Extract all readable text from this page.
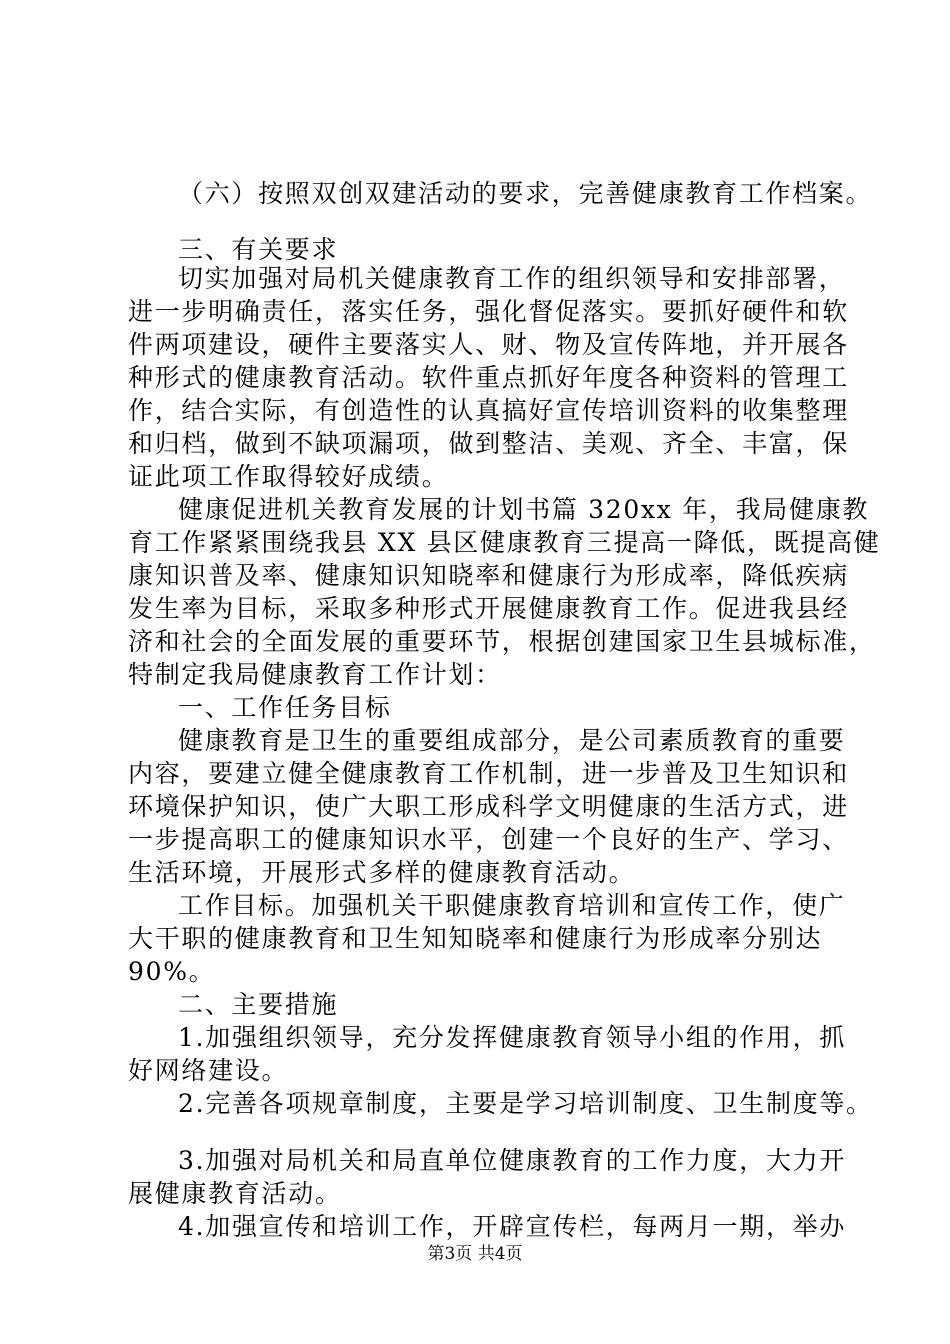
（六）按照双创双建活动的要求，完善健康教育工作档案。
三、有关要求
切实加强对局机关健康教育工作的组织领导和安排部署，
进一步明确责任，落实任务，强化督促落实。要抓好硬件和软
件两项建设，硬件主要落实人、财、物及宣传阵地，并开展各
种形式的健康教育活动。软件重点抓好年度各种资料的管理工
作，结合实际，有创造性的认真搞好宣传培训资料的收集整理
和归档，做到不缺项漏项，做到整洁、美观、齐全、丰富，保
证此项工作取得较好成绩。
健康促进机关教育发展的计划书篇 320xx 年，我局健康教
育工作紧紧围绕我县 XX 县区健康教育三提高一降低，既提高健
康知识普及率、健康知识知晓率和健康行为形成率，降低疾病
发生率为目标，采取多种形式开展健康教育工作。促进我县经
济和社会的全面发展的重要环节，根据创建国家卫生县城标准，
特制定我局健康教育工作计划：
一、工作任务目标
健康教育是卫生的重要组成部分，是公司素质教育的重要
内容，要建立健全健康教育工作机制，进一步普及卫生知识和
环境保护知识，使广大职工形成科学文明健康的生活方式，进
一步提高职工的健康知识水平，创建一个良好的生产、学习、
生活环境，开展形式多样的健康教育活动。
工作目标。加强机关干职健康教育培训和宣传工作，使广
大干职的健康教育和卫生知知晓率和健康行为形成率分别达
90%。
二、主要措施
1.加强组织领导，充分发挥健康教育领导小组的作用，抓
好网络建设。
2.完善各项规章制度，主要是学习培训制度、卫生制度等。
3.加强对局机关和局直单位健康教育的工作力度，大力开
展健康教育活动。
4.加强宣传和培训工作，开辟宣传栏，每两月一期，举办
第3页 共4页
